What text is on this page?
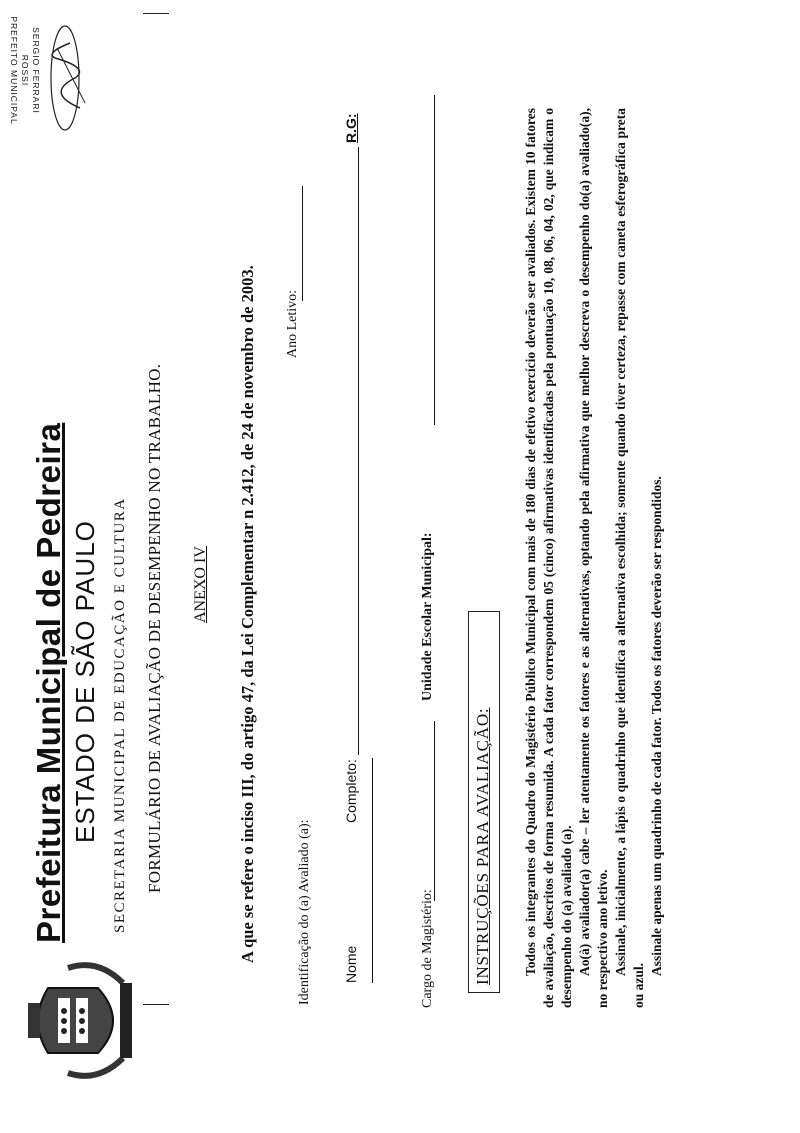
Prefeitura Municipal de Pedreira ESTADO DE SÃO PAULO SECRETARIA MUNICIPAL DE EDUCAÇÃO E CULTURA
SERGIO FERRARI ROSSI
PREFEITO MUNICIPAL
FORMULÁRIO DE AVALIAÇÃO DE DESEMPENHO NO TRABALHO. ANEXO IV A que se refere o inciso III, do artigo 47, da Lei Complementar n 2.412, de 24 de novembro de 2003.	Identificação do (a) Avaliado (a):
Ano Letivo:
Nome
Completo:
R.G:
Cargo de Magistério:
Unidade Escolar Municipal:
INSTRUÇÕES PARA AVALIAÇÃO: Todos os integrantes do Quadro do Magistério Público Municipal com mais de 180 dias de efetivo exercício deverão ser avaliados. Existem 10 fatores de avaliação, descritos de forma resumida. A cada fator correspondem 05 (cinco) afirmativas identificadas pela pontuação 10, 08, 06, 04, 02, que indicam o desempenho do (a) avaliado (a). Ao(à) avaliador(a) cabe – ler atentamente os fatores e as alternativas, optando pela afirmativa que melhor descreva o desempenho do(a) avaliado(a), no respectivo ano letivo. Assinale, inicialmente, a lápis o quadrinho que identifica a alternativa escolhida; somente quando tiver certeza, repasse com caneta esferográfica preta ou azul.
Assinale apenas um quadrinho de cada fator. Todos os fatores deverão ser respondidos.
